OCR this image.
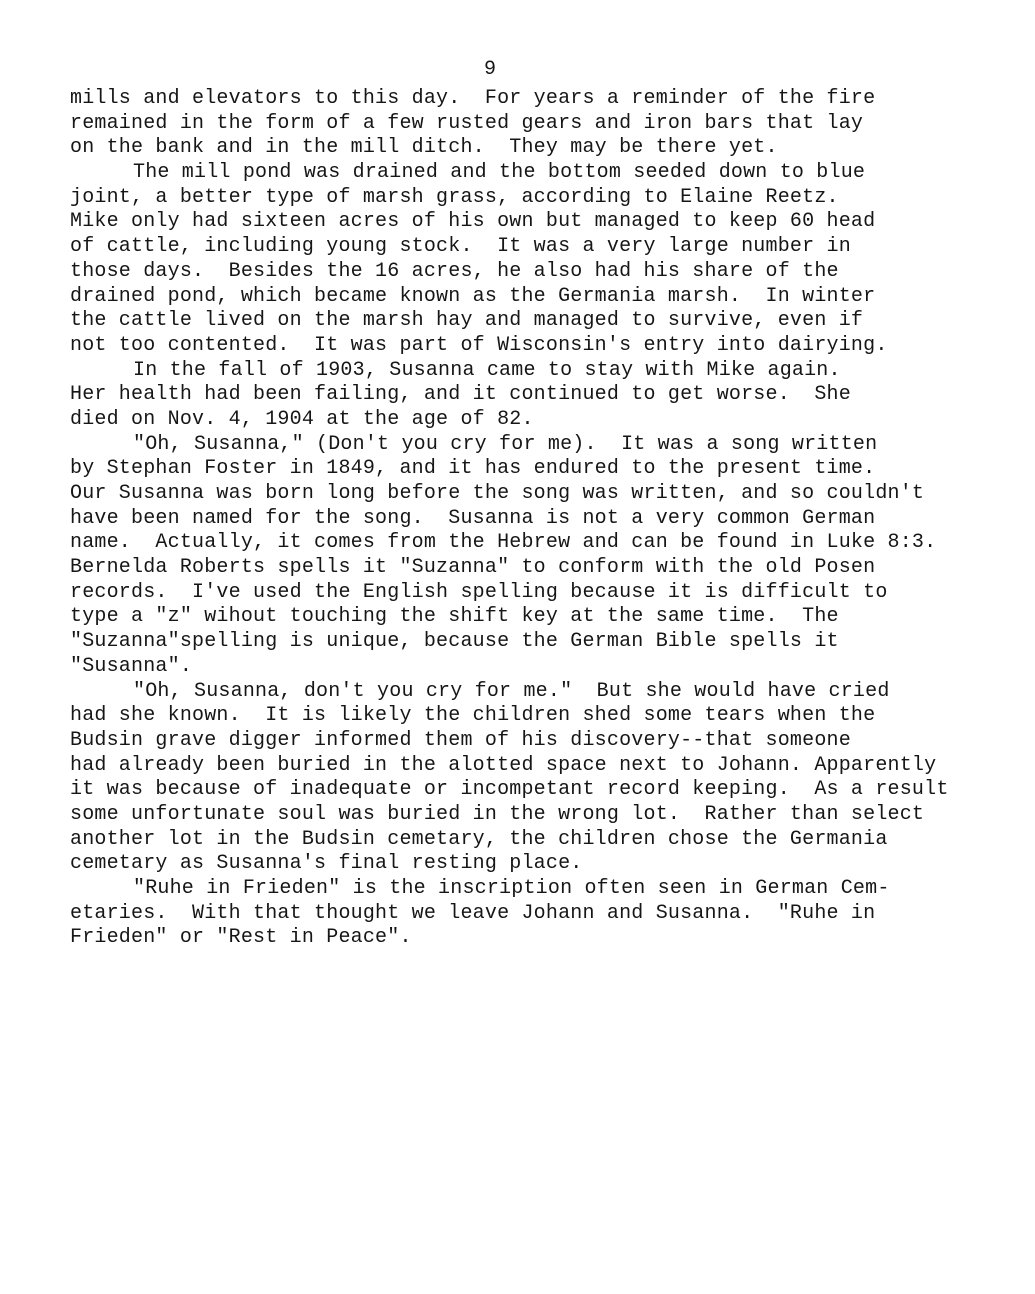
9
mills and elevators to this day.  For years a reminder of the fire
remained in the form of a few rusted gears and iron bars that lay
on the bank and in the mill ditch.  They may be there yet.
The mill pond was drained and the bottom seeded down to blue
joint, a better type of marsh grass, according to Elaine Reetz.
Mike only had sixteen acres of his own but managed to keep 60 head
of cattle, including young stock.  It was a very large number in
those days.  Besides the 16 acres, he also had his share of the
drained pond, which became known as the Germania marsh.  In winter
the cattle lived on the marsh hay and managed to survive, even if
not too contented.  It was part of Wisconsin's entry into dairying.
In the fall of 1903, Susanna came to stay with Mike again.
Her health had been failing, and it continued to get worse.  She
died on Nov. 4, 1904 at the age of 82.
"Oh, Susanna," (Don't you cry for me).  It was a song written
by Stephan Foster in 1849, and it has endured to the present time.
Our Susanna was born long before the song was written, and so couldn't
have been named for the song.  Susanna is not a very common German
name.  Actually, it comes from the Hebrew and can be found in Luke 8:3.
Bernelda Roberts spells it "Suzanna" to conform with the old Posen
records.  I've used the English spelling because it is difficult to
type a "z" wihout touching the shift key at the same time.  The
"Suzanna"spelling is unique, because the German Bible spells it
"Susanna".
"Oh, Susanna, don't you cry for me."  But she would have cried
had she known.  It is likely the children shed some tears when the
Budsin grave digger informed them of his discovery--that someone
had already been buried in the alotted space next to Johann. Apparently
it was because of inadequate or incompetant record keeping.  As a result
some unfortunate soul was buried in the wrong lot.  Rather than select
another lot in the Budsin cemetary, the children chose the Germania
cemetary as Susanna's final resting place.
"Ruhe in Frieden" is the inscription often seen in German Cem-
etaries.  With that thought we leave Johann and Susanna.  "Ruhe in
Frieden" or "Rest in Peace".
